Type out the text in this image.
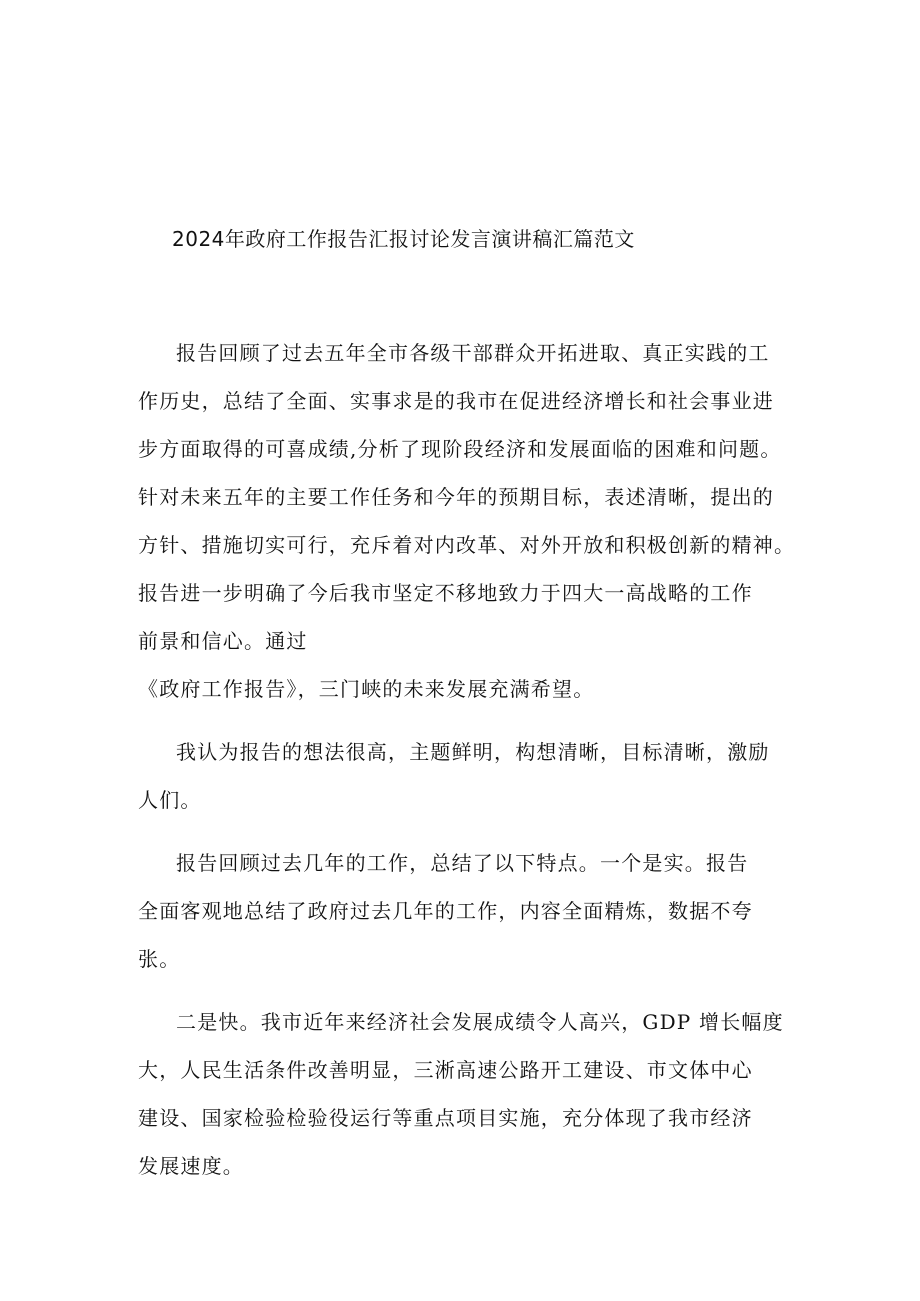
2024年政府工作报告汇报讨论发言演讲稿汇篇范文
报告回顾了过去五年全市各级干部群众开拓进取、真正实践的工
作历史，总结了全面、实事求是的我市在促进经济增长和社会事业进
步方面取得的可喜成绩,分析了现阶段经济和发展面临的困难和问题。
针对未来五年的主要工作任务和今年的预期目标，表述清晰，提出的
方针、措施切实可行，充斥着对内改革、对外开放和积极创新的精神。
报告进一步明确了今后我市坚定不移地致力于四大一高战略的工作
前景和信心。通过
《政府工作报告》，三门峡的未来发展充满希望。
我认为报告的想法很高，主题鲜明，构想清晰，目标清晰，激励
人们。
报告回顾过去几年的工作，总结了以下特点。一个是实。报告
全面客观地总结了政府过去几年的工作，内容全面精炼，数据不夸
张。
二是快。我市近年来经济社会发展成绩令人高兴，GDP 增长幅度
大，人民生活条件改善明显，三淅高速公路开工建设、市文体中心
建设、国家检验检验役运行等重点项目实施，充分体现了我市经济
发展速度。
